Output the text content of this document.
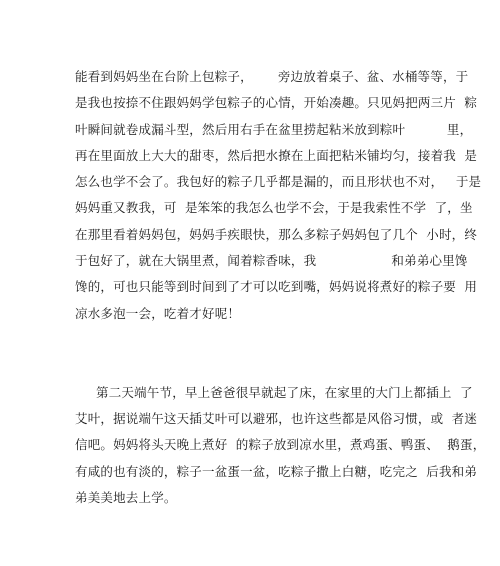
能看到妈妈坐在台阶上包粽子，      旁边放着桌子、盆、水桶等等，于
是我也按捺不住跟妈妈学包粽子的心情，开始凑趣。只见妈把两三片  粽
叶瞬间就卷成漏斗型，然后用右手在盆里捞起粘米放到粽叶          里，
再在里面放上大大的甜枣，然后把水撩在上面把粘米铺均匀，接着我  是
怎么也学不会了。我包好的粽子几乎都是漏的，而且形状也不对，   于是
妈妈重又教我，可  是笨笨的我怎么也学不会，于是我索性不学  了，坐
在那里看着妈妈包，妈妈手疾眼快，那么多粽子妈妈包了几个  小时，终
于包好了，就在大锅里煮，闻着粽香味，我                  和弟弟心里馋
馋的，可也只能等到时间到了才可以吃到嘴，妈妈说将煮好的粽子要  用
凉水多泡一会，吃着才好呢！
第二天端午节，早上爸爸很早就起了床，在家里的大门上都插上  了
艾叶，据说端午这天插艾叶可以避邪，也许这些都是风俗习惯，或  者迷
信吧。妈妈将头天晚上煮好  的粽子放到凉水里，煮鸡蛋、鸭蛋、  鹅蛋，
有咸的也有淡的，粽子一盆蛋一盆，吃粽子撒上白糖，吃完之  后我和弟
弟美美地去上学。
